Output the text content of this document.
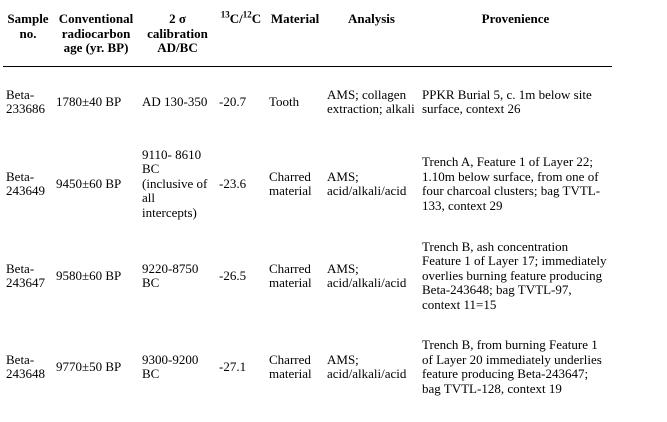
Sample no.	Conventional radiocarbon age (yr. BP)	2 σ calibration AD/BC	$^{13}$C/$^{12}$C	Material	Analysis	Provenience
Beta-233686	1780±40 BP	AD 130-350	-20.7	Tooth	AMS; collagen extraction; alkali	PPKR Burial 5, c. 1m below site surface, context 26
Beta-243649	9450±60 BP	9110- 8610 BC (inclusive of all intercepts)	-23.6	Charred material	AMS; acid/alkali/acid	Trench A, Feature 1 of Layer 22; 1.10m below surface, from one of four charcoal clusters; bag TVTL-133, context 29
Beta-243647	9580±60 BP	9220-8750 BC	-26.5	Charred material	AMS; acid/alkali/acid	Trench B, ash concentration Feature 1 of Layer 17; immediately overlies burning feature producing Beta-243648; bag TVTL-97, context 11=15
Beta-243648	9770±50 BP	9300-9200 BC	-27.1	Charred material	AMS; acid/alkali/acid	Trench B, from burning Feature 1 of Layer 20 immediately underlies feature producing Beta-243647; bag TVTL-128, context 19
